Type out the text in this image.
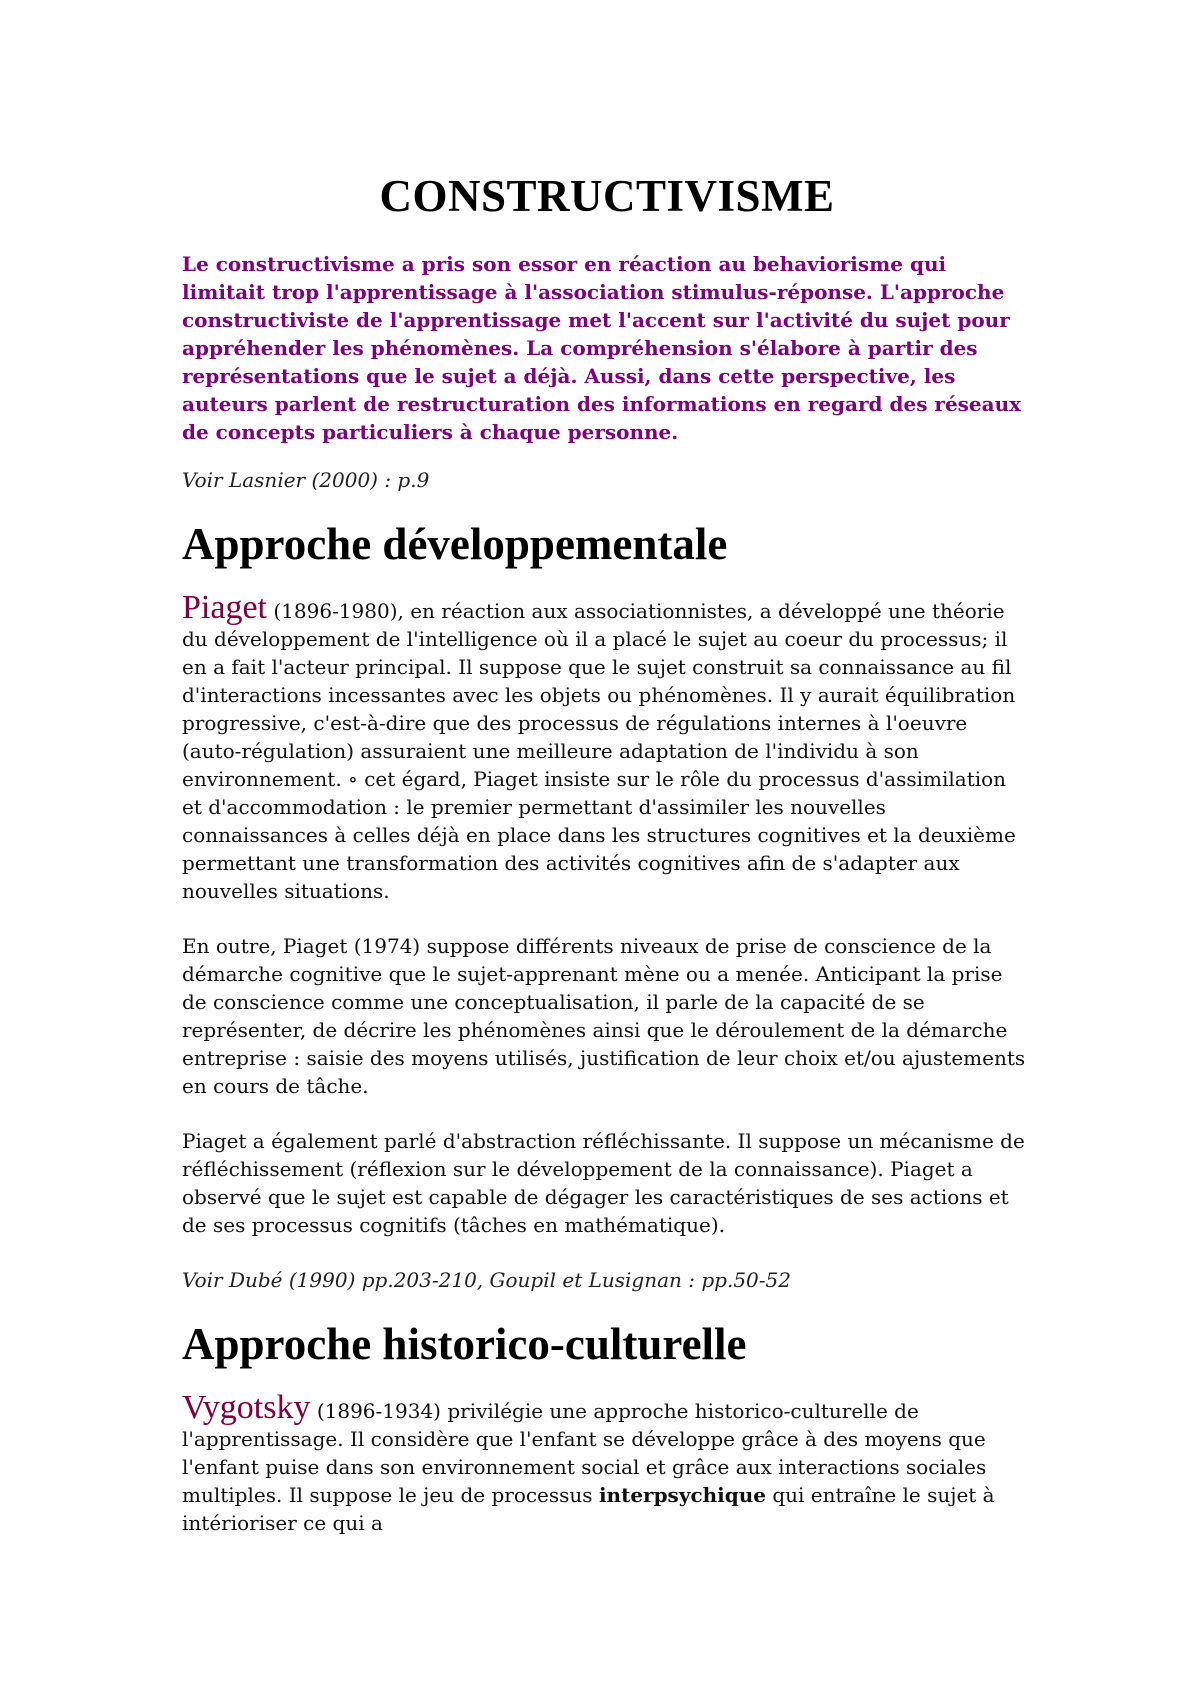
CONSTRUCTIVISME

Le constructivisme a pris son essor en réaction au behaviorisme qui limitait trop l'apprentissage à l'association stimulus-réponse. L'approche constructiviste de l'apprentissage met l'accent sur l'activité du sujet pour appréhender les phénomènes. La compréhension s'élabore à partir des représentations que le sujet a déjà. Aussi, dans cette perspective, les auteurs parlent de restructuration des informations en regard des réseaux de concepts particuliers à chaque personne.

Voir Lasnier (2000) : p.9

Approche développementale

Piaget (1896-1980), en réaction aux associationnistes, a développé une théorie du développement de l'intelligence où il a placé le sujet au coeur du processus; il en a fait l'acteur principal. Il suppose que le sujet construit sa connaissance au fil d'interactions incessantes avec les objets ou phénomènes. Il y aurait équilibration progressive, c'est-à-dire que des processus de régulations internes à l'oeuvre (auto-régulation) assuraient une meilleure adaptation de l'individu à son environnement. ∘ cet égard, Piaget insiste sur le rôle du processus d'assimilation et d'accommodation : le premier permettant d'assimiler les nouvelles connaissances à celles déjà en place dans les structures cognitives et la deuxième permettant une transformation des activités cognitives afin de s'adapter aux nouvelles situations.

En outre, Piaget (1974) suppose différents niveaux de prise de conscience de la démarche cognitive que le sujet-apprenant mène ou a menée. Anticipant la prise de conscience comme une conceptualisation, il parle de la capacité de se représenter, de décrire les phénomènes ainsi que le déroulement de la démarche entreprise : saisie des moyens utilisés, justification de leur choix et/ou ajustements en cours de tâche.

Piaget a également parlé d'abstraction réfléchissante. Il suppose un mécanisme de réfléchissement (réflexion sur le développement de la connaissance). Piaget a observé que le sujet est capable de dégager les caractéristiques de ses actions et de ses processus cognitifs (tâches en mathématique).

Voir Dubé (1990) pp.203-210, Goupil et Lusignan : pp.50-52

Approche historico-culturelle

Vygotsky (1896-1934) privilégie une approche historico-culturelle de l'apprentissage. Il considère que l'enfant se développe grâce à des moyens que l'enfant puise dans son environnement social et grâce aux interactions sociales multiples. Il suppose le jeu de processus interpsychique qui entraîne le sujet à intérioriser ce qui a
